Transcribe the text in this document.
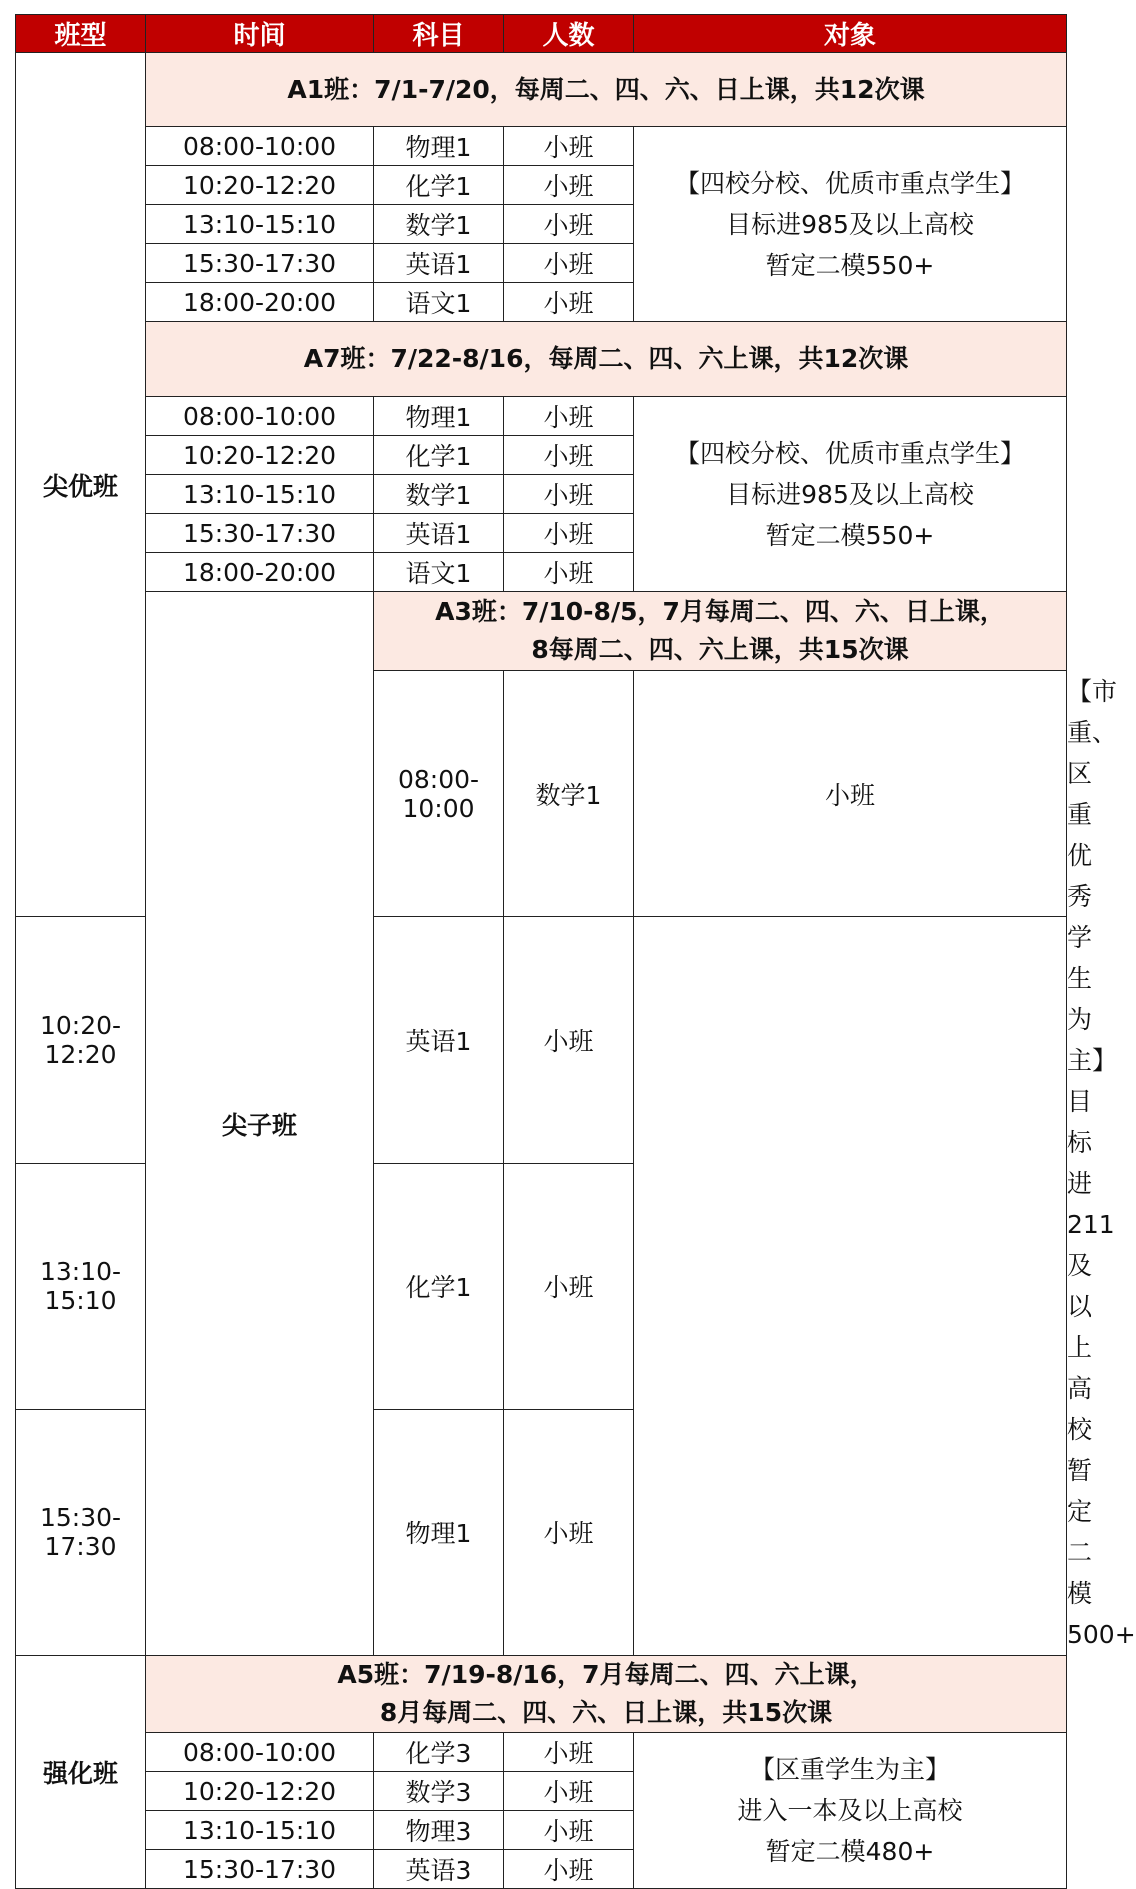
班型	时间	科目	人数	对象	
尖优班	A1班：7/1-7/20，每周二、四、六、日上课，共12次课				
	08:00-10:00	物理1	小班	【四校分校、优质市重点学生】
目标进985及以上高校
暂定二模550+	

	10:20-12:20	化学1	小班		
	13:10-15:10	数学1	小班		
	15:30-17:30	英语1	小班		
	18:00-20:00	语文1	小班		
	A7班：7/22-8/16，每周二、四、六上课，共12次课				
	08:00-10:00	物理1	小班	【四校分校、优质市重点学生】
目标进985及以上高校
暂定二模550+	

	10:20-12:20	化学1	小班		
	13:10-15:10	数学1	小班		
	15:30-17:30	英语1	小班		
	18:00-20:00	语文1	小班		
	尖子班	A3班：7/10-8/5，7月每周二、四、六、日上课，
8每周二、四、六上课，共15次课			

		08:00-10:00	数学1	小班	【市重、区重优秀学生为主】
目标进211及以上高校
暂定二模500+

10:20-12:20		英语1	小班		
13:10-15:10		化学1	小班		
15:30-17:30		物理1	小班		
强化班	A5班：7/19-8/16，7月每周二、四、六上课，
8月每周二、四、六、日上课，共15次课				

	08:00-10:00	化学3	小班	【区重学生为主】
进入一本及以上高校
暂定二模480+	

	10:20-12:20	数学3	小班		
	13:10-15:10	物理3	小班		
	15:30-17:30	英语3	小班		
